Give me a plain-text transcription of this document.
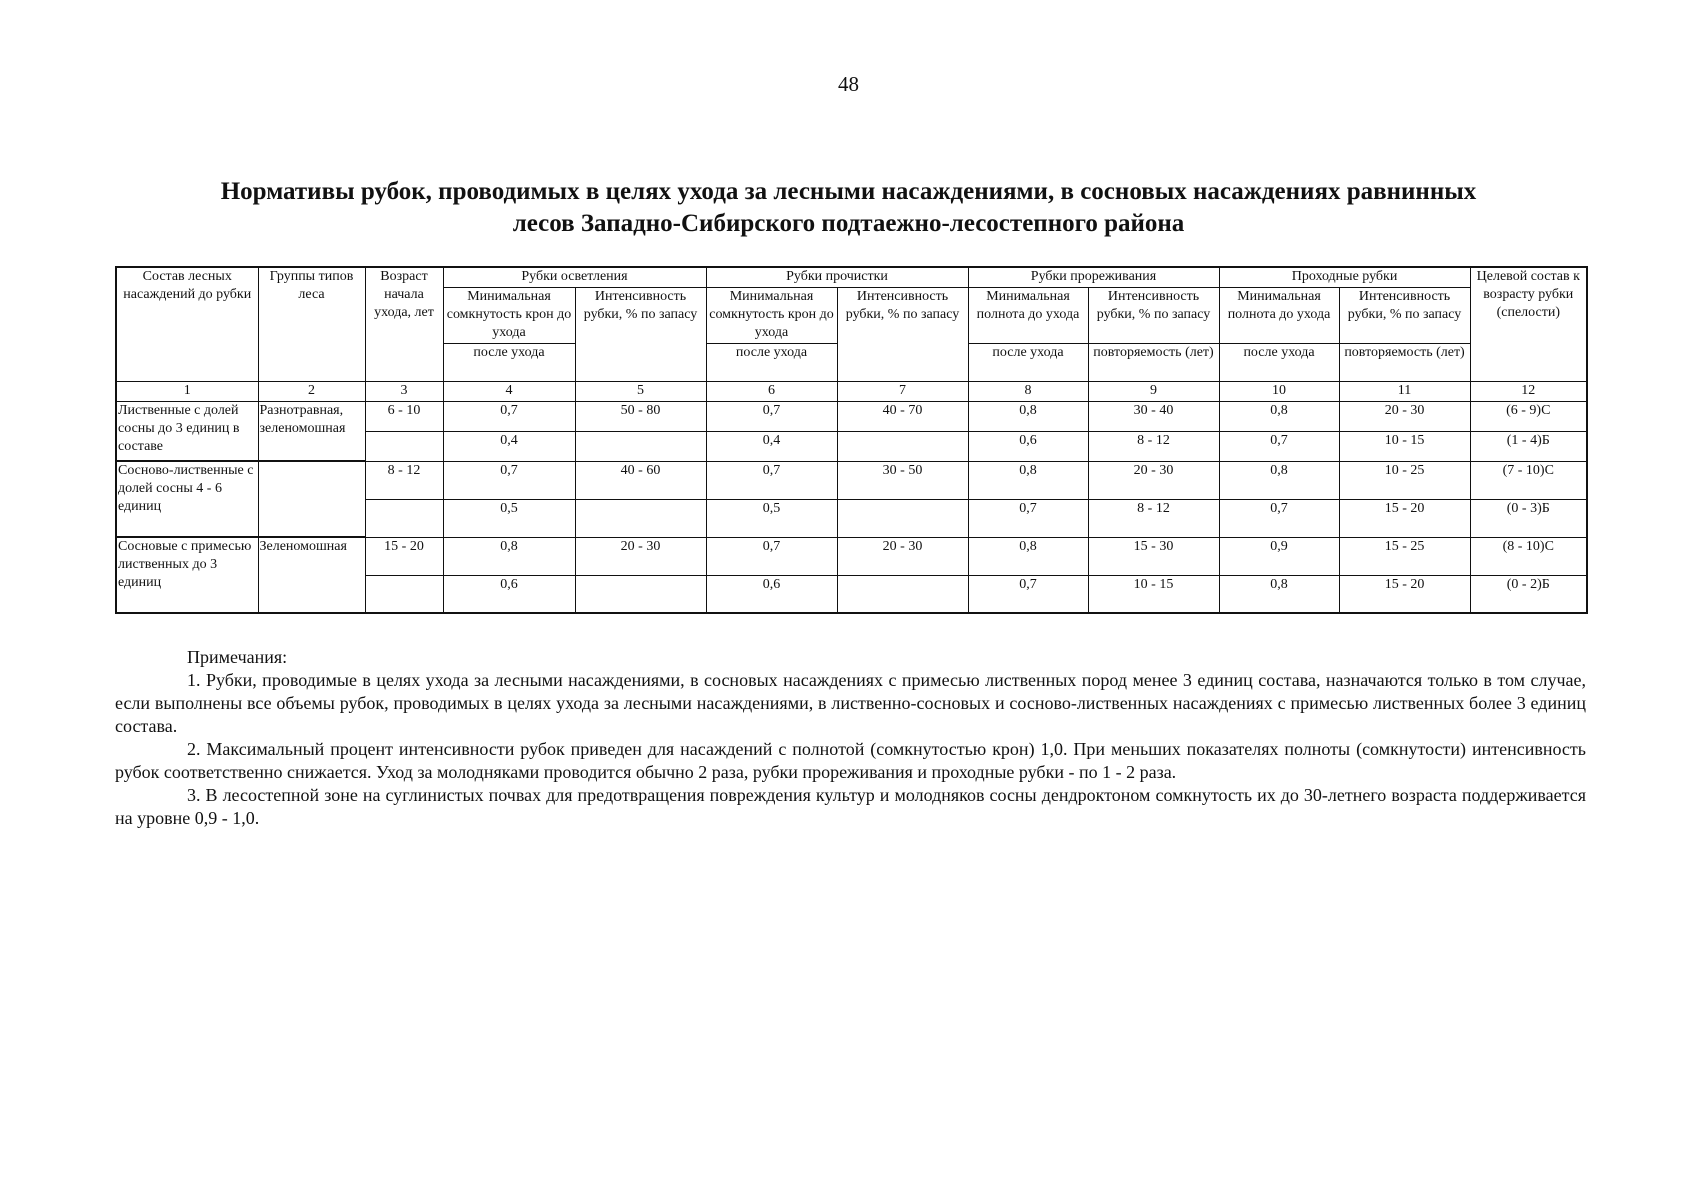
48
Нормативы рубок, проводимых в целях ухода за лесными насаждениями, в сосновых насаждениях равнинных
лесов Западно-Сибирского подтаежно-лесостепного района
Состав лесных насаждений до рубки	Группы типов леса	Возраст начала ухода, лет	Рубки осветления		Рубки прочистки		Рубки прореживания		Проходные рубки		Целевой состав к возрасту рубки (спелости)
			Минимальная сомкнутость крон до ухода	Интенсивность рубки, % по запасу	Минимальная сомкнутость крон до ухода	Интенсивность рубки, % по запасу	Минимальная полнота до ухода	Интенсивность рубки, % по запасу	Минимальная полнота до ухода	Интенсивность рубки, % по запасу	
			после ухода		после ухода		после ухода	повторяемость (лет)	после ухода	повторяемость (лет)	
1	2	3	4	5	6	7	8	9	10	11	12
Лиственные с долей сосны до 3 единиц в составе	Разнотравная, зеленомошная	6 - 10	0,7	50 - 80	0,7	40 - 70	0,8	30 - 40	0,8	20 - 30	(6 - 9)С
			0,4		0,4		0,6	8 - 12	0,7	10 - 15	(1 - 4)Б
Сосново-лиственные с долей сосны 4 - 6 единиц		8 - 12	0,7	40 - 60	0,7	30 - 50	0,8	20 - 30	0,8	10 - 25	(7 - 10)С
			0,5		0,5		0,7	8 - 12	0,7	15 - 20	(0 - 3)Б
Сосновые с примесью лиственных до 3 единиц	Зеленомошная	15 - 20	0,8	20 - 30	0,7	20 - 30	0,8	15 - 30	0,9	15 - 25	(8 - 10)С
			0,6		0,6		0,7	10 - 15	0,8	15 - 20	(0 - 2)Б

Примечания:

1. Рубки, проводимые в целях ухода за лесными насаждениями, в сосновых насаждениях с примесью лиственных пород менее 3 единиц состава, назначаются только в том случае, если выполнены все объемы рубок, проводимых в целях ухода за лесными насаждениями, в лиственно-сосновых и сосново-лиственных насаждениях с примесью лиственных более 3 единиц состава.

2. Максимальный процент интенсивности рубок приведен для насаждений с полнотой (сомкнутостью крон) 1,0. При меньших показателях полноты (сомкнутости) интенсивность рубок соответственно снижается. Уход за молодняками проводится обычно 2 раза, рубки прореживания и проходные рубки - по 1 - 2 раза.

3. В лесостепной зоне на суглинистых почвах для предотвращения повреждения культур и молодняков сосны дендроктоном сомкнутость их до 30-летнего возраста поддерживается на уровне 0,9 - 1,0.
